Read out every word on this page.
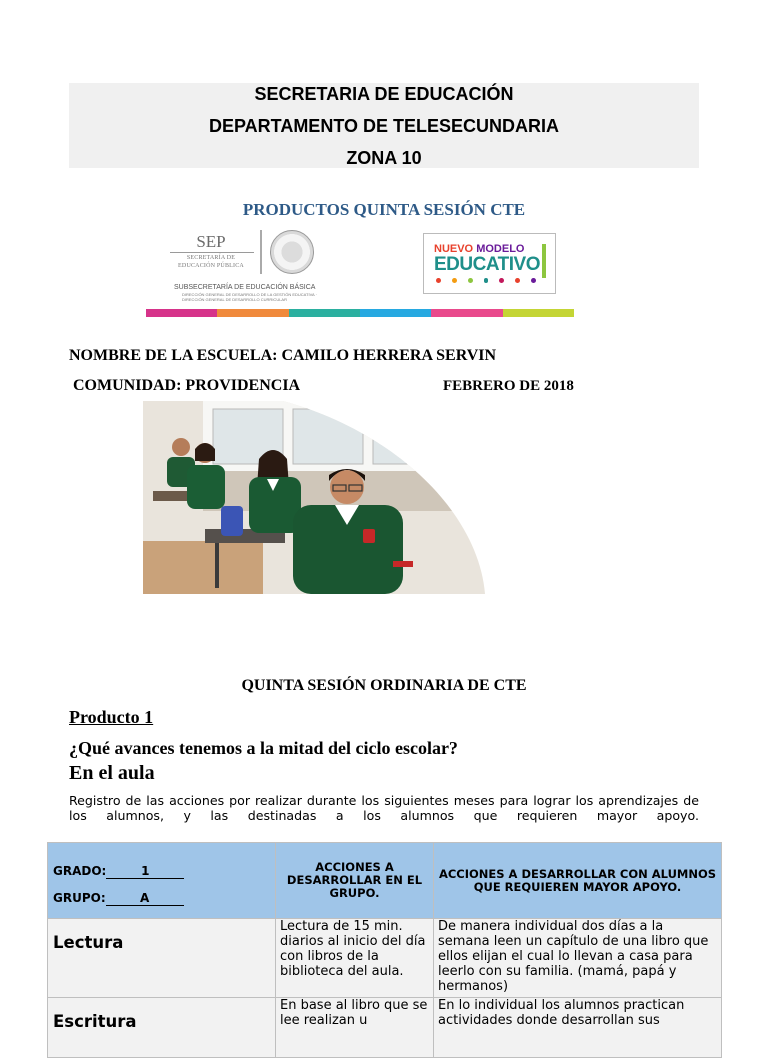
SECRETARIA DE EDUCACIÓN
DEPARTAMENTO DE TELESECUNDARIA
ZONA 10
PRODUCTOS QUINTA SESIÓN CTE
SEP
SECRETARÍA DE
EDUCACIÓN PÚBLICA
SUBSECRETARÍA DE EDUCACIÓN BÁSICA
DIRECCIÓN GENERAL DE DESARROLLO DE LA GESTIÓN EDUCATIVA · DIRECCIÓN GENERAL DE DESARROLLO CURRICULAR
NUEVO MODELO
EDUCATIVO
NOMBRE DE LA ESCUELA: CAMILO HERRERA SERVIN
COMUNIDAD: PROVIDENCIA	FEBRERO DE 2018
QUINTA SESIÓN ORDINARIA DE CTE
Producto 1
¿Qué avances tenemos a la mitad del ciclo escolar?
En el aula
Registro de las acciones por realizar durante los siguientes meses para lograr los aprendizajes de los alumnos, y las destinadas a los alumnos que requieren mayor apoyo.
GRADO: 1
GRUPO: A	ACCIONES A DESARROLLAR EN EL GRUPO.	ACCIONES A DESARROLLAR CON ALUMNOS QUE REQUIEREN MAYOR APOYO.

Lectura	Lectura de 15 min. diarios al inicio del día con libros de la biblioteca del aula.	De manera individual dos días a la semana leen un capítulo de una libro que ellos elijan el cual lo llevan a casa para leerlo con su familia. (mamá, papá y hermanos)

Escritura	En base al libro que se lee realizan u	En lo individual los alumnos practican actividades donde desarrollan sus
